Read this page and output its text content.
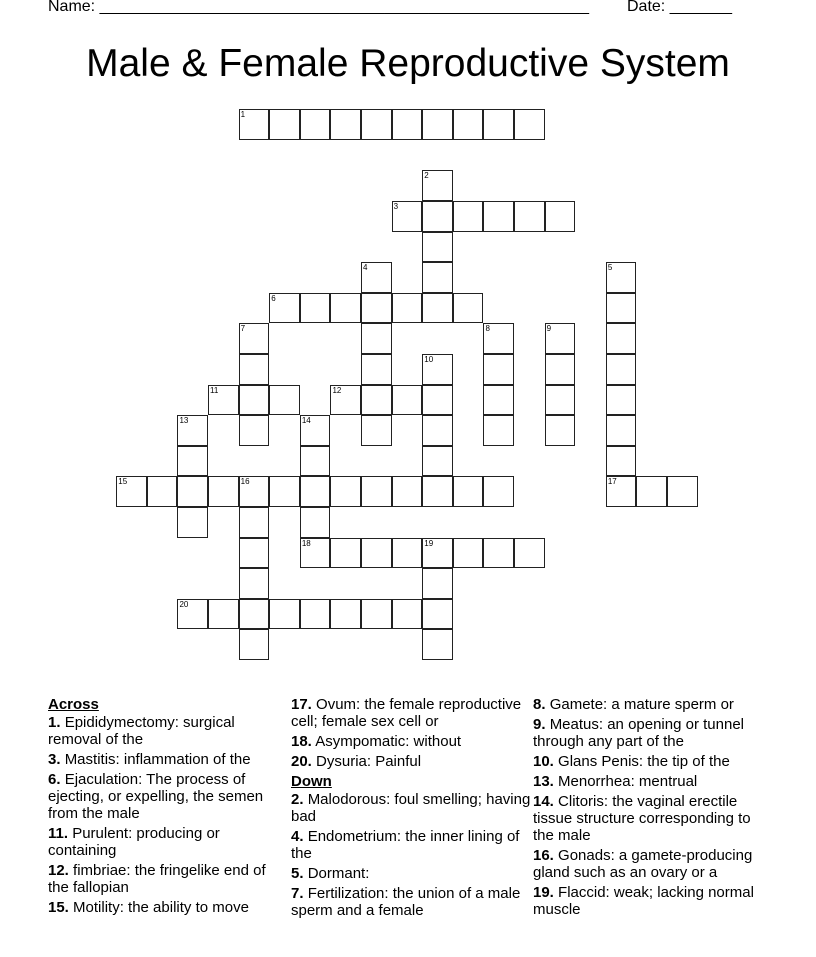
Name: _______________________________________________________ Date: _______
Male & Female Reproductive System
1
3
6
11	12
15	16	17
18	19
20
2
4	5
7	8	9
10
13	14
Across
1. Epididymectomy: surgical removal of the
3. Mastitis: inflammation of the
6. Ejaculation: The process of ejecting, or expelling, the semen from the male
11. Purulent: producing or containing
12. fimbriae: the fringelike end of the fallopian
15. Motility: the ability to move
17. Ovum: the female reproductive cell; female sex cell or
18. Asympomatic: without
20. Dysuria: Painful
Down
2. Malodorous: foul smelling; having bad
4. Endometrium: the inner lining of the
5. Dormant:
7. Fertilization: the union of a male sperm and a female
8. Gamete: a mature sperm or
9. Meatus: an opening or tunnel through any part of the
10. Glans Penis: the tip of the
13. Menorrhea: mentrual
14. Clitoris: the vaginal erectile tissue structure corresponding to the male
16. Gonads: a gamete-producing gland such as an ovary or a
19. Flaccid: weak; lacking normal muscle
